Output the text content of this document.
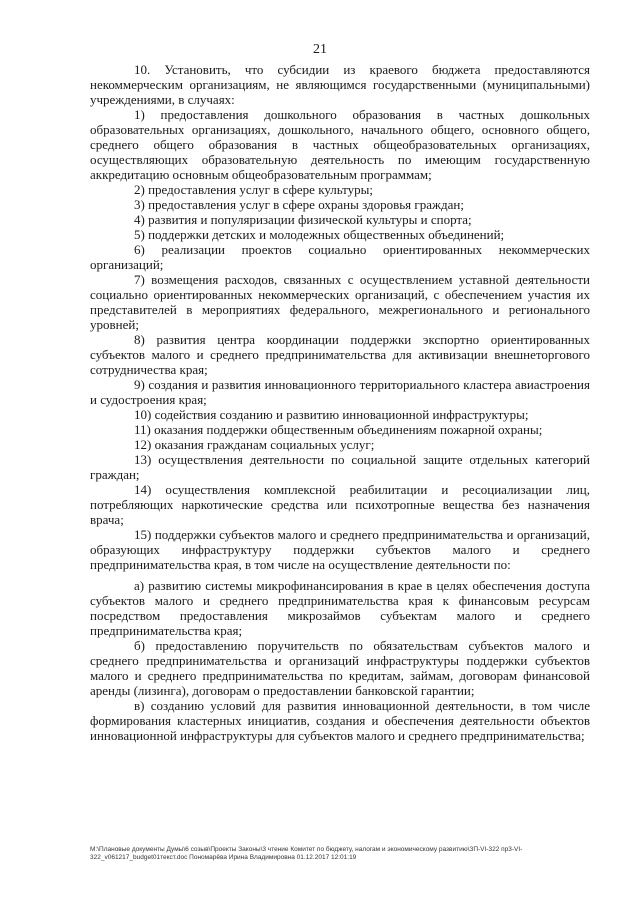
21

10. Установить, что субсидии из краевого бюджета предоставляются некоммерческим организациям, не являющимся государственными (муниципальными) учреждениями, в случаях:

1) предоставления дошкольного образования в частных дошкольных образовательных организациях, дошкольного, начального общего, основного общего, среднего общего образования в частных общеобразовательных организациях, осуществляющих образовательную деятельность по имеющим государственную аккредитацию основным общеобразовательным программам;

2) предоставления услуг в сфере культуры;

3) предоставления услуг в сфере охраны здоровья граждан;

4) развития и популяризации физической культуры и спорта;

5) поддержки детских и молодежных общественных объединений;

6) реализации проектов социально ориентированных некоммерческих организаций;

7) возмещения расходов, связанных с осуществлением уставной деятельности социально ориентированных некоммерческих организаций, с обеспечением участия их представителей в мероприятиях федерального, межрегионального и регионального уровней;

8) развития центра координации поддержки экспортно ориентированных субъектов малого и среднего предпринимательства для активизации внешнеторгового сотрудничества края;

9) создания и развития инновационного территориального кластера авиастроения и судостроения края;

10) содействия созданию и развитию инновационной инфраструктуры;

11) оказания поддержки общественным объединениям пожарной охраны;

12) оказания гражданам социальных услуг;

13) осуществления деятельности по социальной защите отдельных категорий граждан;

14) осуществления комплексной реабилитации и ресоциализации лиц, потребляющих наркотические средства или психотропные вещества без назначения врача;

15) поддержки субъектов малого и среднего предпринимательства и организаций, образующих инфраструктуру поддержки субъектов малого и среднего предпринимательства края, в том числе на осуществление деятельности по:

а) развитию системы микрофинансирования в крае в целях обеспечения доступа субъектов малого и среднего предпринимательства края к финансовым ресурсам посредством предоставления микрозаймов субъектам малого и среднего предпринимательства края;

б) предоставлению поручительств по обязательствам субъектов малого и среднего предпринимательства и организаций инфраструктуры поддержки субъектов малого и среднего предпринимательства по кредитам, займам, договорам финансовой аренды (лизинга), договорам о предоставлении банковской гарантии;

в) созданию условий для развития инновационной деятельности, в том числе формирования кластерных инициатив, создания и обеспечения деятельности объектов инновационной инфраструктуры для субъектов малого и среднего предпринимательства;

М:\Плановые документы Думы\6 созыв\Проекты Законы\3 чтение Комитет по бюджету, налогам и экономическому развитию\ЗП-VI-322 пр3-VI-322_v061217_budget01текст.doc Пономарёва Ирина Владимировна 01.12.2017 12:01:19
